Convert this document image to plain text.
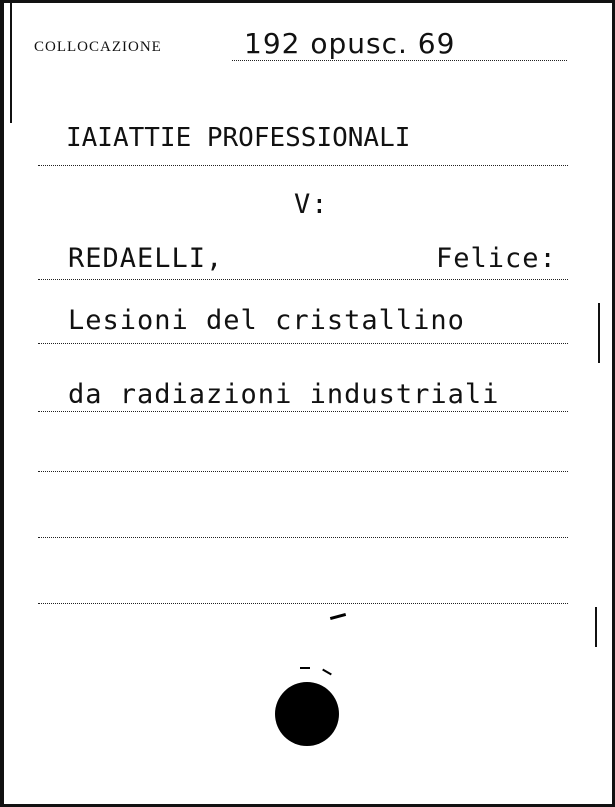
COLLOCAZIONE	192 opusc. 69
IAIATTIE PROFESSIONALI
V:
REDAELLI,	Felice:
Lesioni del cristallino
da radiazioni industriali
